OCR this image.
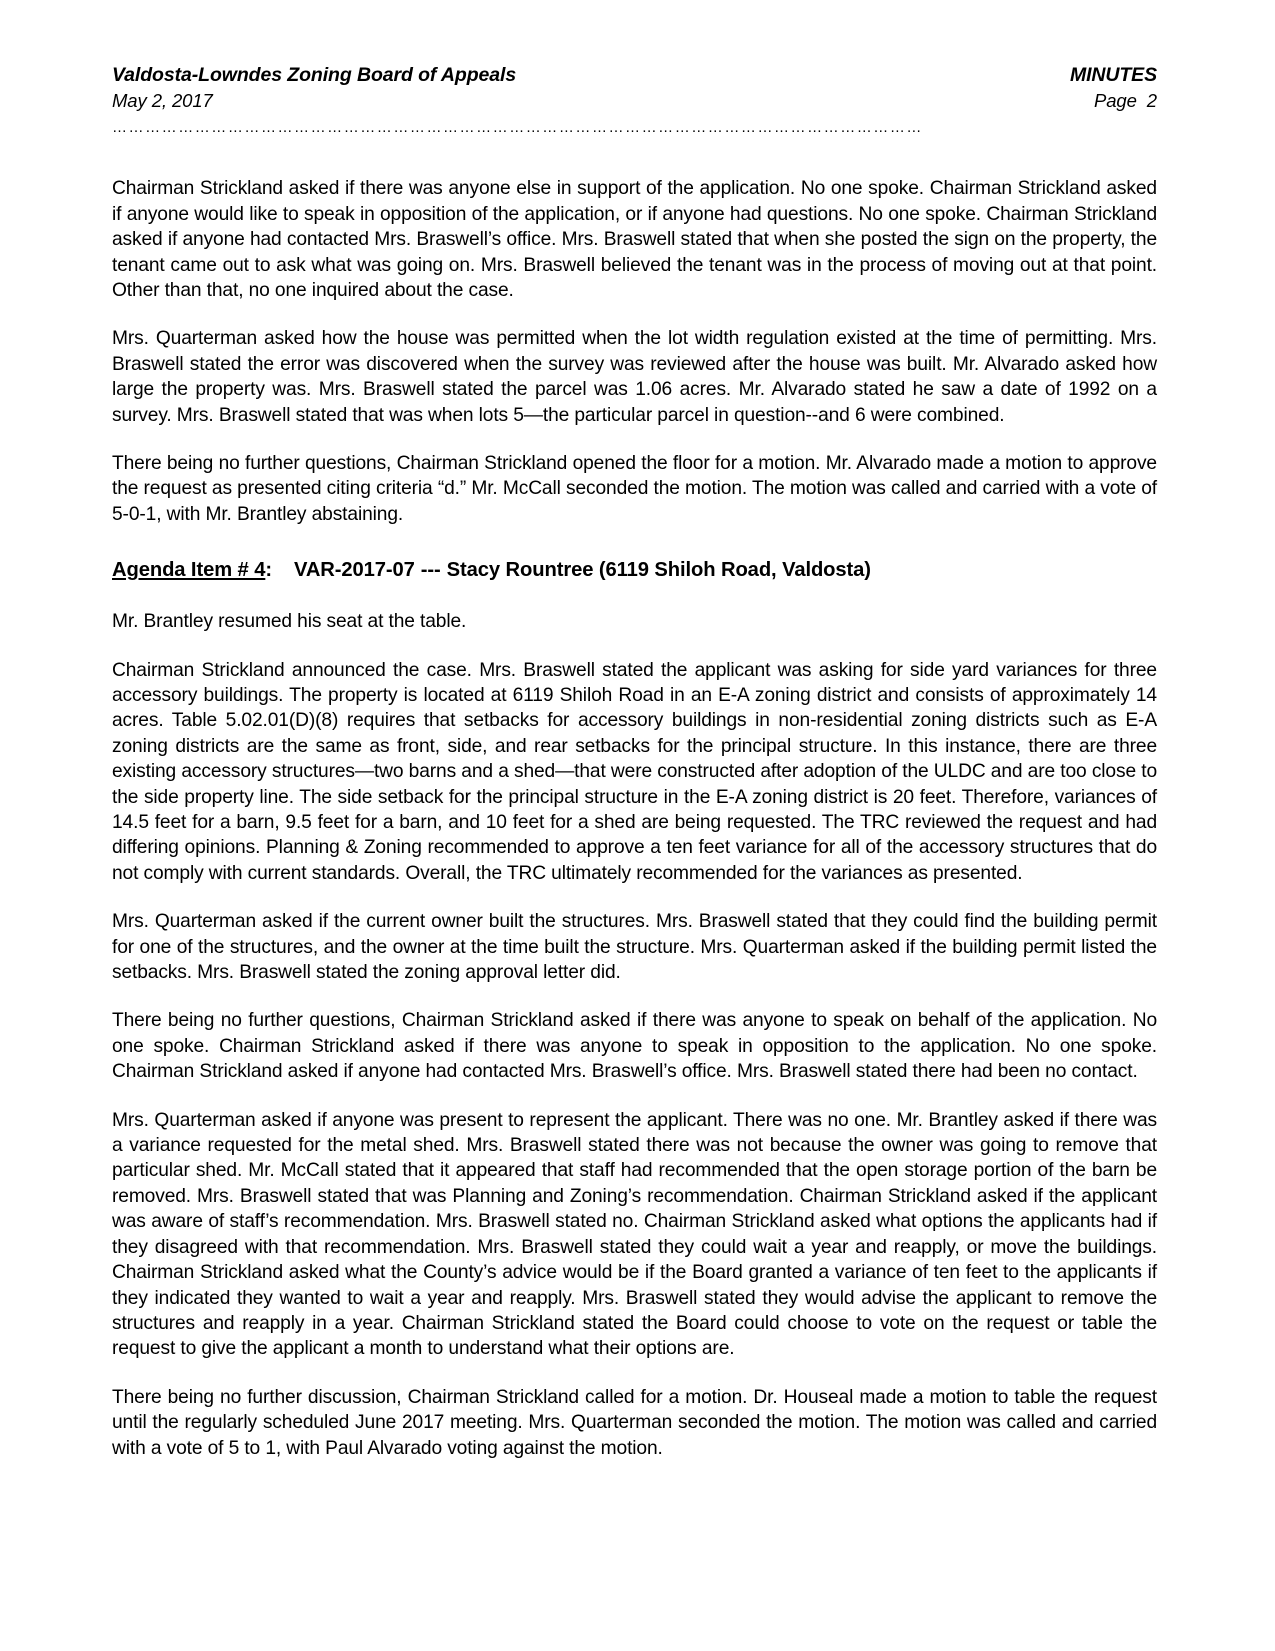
Valdosta-Lowndes Zoning Board of Appeals	MINUTES
May 2, 2017	Page 2
…………………………………………………………………………………………………………………………………

Chairman Strickland asked if there was anyone else in support of the application. No one spoke. Chairman Strickland asked if anyone would like to speak in opposition of the application, or if anyone had questions. No one spoke. Chairman Strickland asked if anyone had contacted Mrs. Braswell’s office. Mrs. Braswell stated that when she posted the sign on the property, the tenant came out to ask what was going on. Mrs. Braswell believed the tenant was in the process of moving out at that point. Other than that, no one inquired about the case.

Mrs. Quarterman asked how the house was permitted when the lot width regulation existed at the time of permitting. Mrs. Braswell stated the error was discovered when the survey was reviewed after the house was built. Mr. Alvarado asked how large the property was. Mrs. Braswell stated the parcel was 1.06 acres. Mr. Alvarado stated he saw a date of 1992 on a survey. Mrs. Braswell stated that was when lots 5—the particular parcel in question--and 6 were combined.

There being no further questions, Chairman Strickland opened the floor for a motion. Mr. Alvarado made a motion to approve the request as presented citing criteria “d.” Mr. McCall seconded the motion. The motion was called and carried with a vote of 5-0-1, with Mr. Brantley abstaining.

Agenda Item # 4: VAR-2017-07 --- Stacy Rountree (6119 Shiloh Road, Valdosta)

Mr. Brantley resumed his seat at the table.

Chairman Strickland announced the case. Mrs. Braswell stated the applicant was asking for side yard variances for three accessory buildings. The property is located at 6119 Shiloh Road in an E-A zoning district and consists of approximately 14 acres. Table 5.02.01(D)(8) requires that setbacks for accessory buildings in non-residential zoning districts such as E-A zoning districts are the same as front, side, and rear setbacks for the principal structure. In this instance, there are three existing accessory structures—two barns and a shed—that were constructed after adoption of the ULDC and are too close to the side property line. The side setback for the principal structure in the E-A zoning district is 20 feet. Therefore, variances of 14.5 feet for a barn, 9.5 feet for a barn, and 10 feet for a shed are being requested. The TRC reviewed the request and had differing opinions. Planning & Zoning recommended to approve a ten feet variance for all of the accessory structures that do not comply with current standards. Overall, the TRC ultimately recommended for the variances as presented.

Mrs. Quarterman asked if the current owner built the structures. Mrs. Braswell stated that they could find the building permit for one of the structures, and the owner at the time built the structure. Mrs. Quarterman asked if the building permit listed the setbacks. Mrs. Braswell stated the zoning approval letter did.

There being no further questions, Chairman Strickland asked if there was anyone to speak on behalf of the application. No one spoke. Chairman Strickland asked if there was anyone to speak in opposition to the application. No one spoke. Chairman Strickland asked if anyone had contacted Mrs. Braswell’s office. Mrs. Braswell stated there had been no contact.

Mrs. Quarterman asked if anyone was present to represent the applicant. There was no one. Mr. Brantley asked if there was a variance requested for the metal shed. Mrs. Braswell stated there was not because the owner was going to remove that particular shed. Mr. McCall stated that it appeared that staff had recommended that the open storage portion of the barn be removed. Mrs. Braswell stated that was Planning and Zoning’s recommendation. Chairman Strickland asked if the applicant was aware of staff’s recommendation. Mrs. Braswell stated no. Chairman Strickland asked what options the applicants had if they disagreed with that recommendation. Mrs. Braswell stated they could wait a year and reapply, or move the buildings. Chairman Strickland asked what the County’s advice would be if the Board granted a variance of ten feet to the applicants if they indicated they wanted to wait a year and reapply. Mrs. Braswell stated they would advise the applicant to remove the structures and reapply in a year. Chairman Strickland stated the Board could choose to vote on the request or table the request to give the applicant a month to understand what their options are.

There being no further discussion, Chairman Strickland called for a motion. Dr. Houseal made a motion to table the request until the regularly scheduled June 2017 meeting. Mrs. Quarterman seconded the motion. The motion was called and carried with a vote of 5 to 1, with Paul Alvarado voting against the motion.
